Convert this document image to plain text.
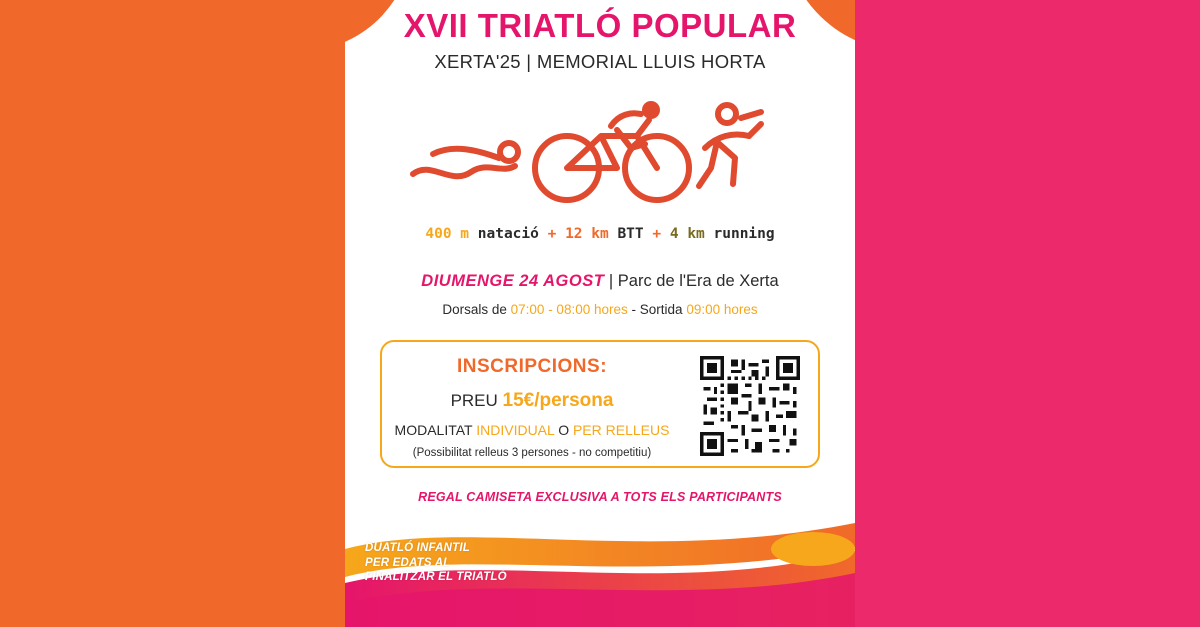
XVII TRIATLÓ POPULAR
XERTA'25 | MEMORIAL LLUIS HORTA
400 m natació + 12 km BTT + 4 km running
DIUMENGE 24 AGOST | Parc de l'Era de Xerta
Dorsals de 07:00 - 08:00 hores - Sortida 09:00 hores
INSCRIPCIONS:
PREU 15€/persona
MODALITAT INDIVIDUAL O PER RELLEUS
(Possibilitat relleus 3 persones - no competitiu)
REGAL CAMISETA EXCLUSIVA A TOTS ELS PARTICIPANTS
DUATLÓ INFANTIL
PER EDATS AL
FINALITZAR EL TRIATLÓ
